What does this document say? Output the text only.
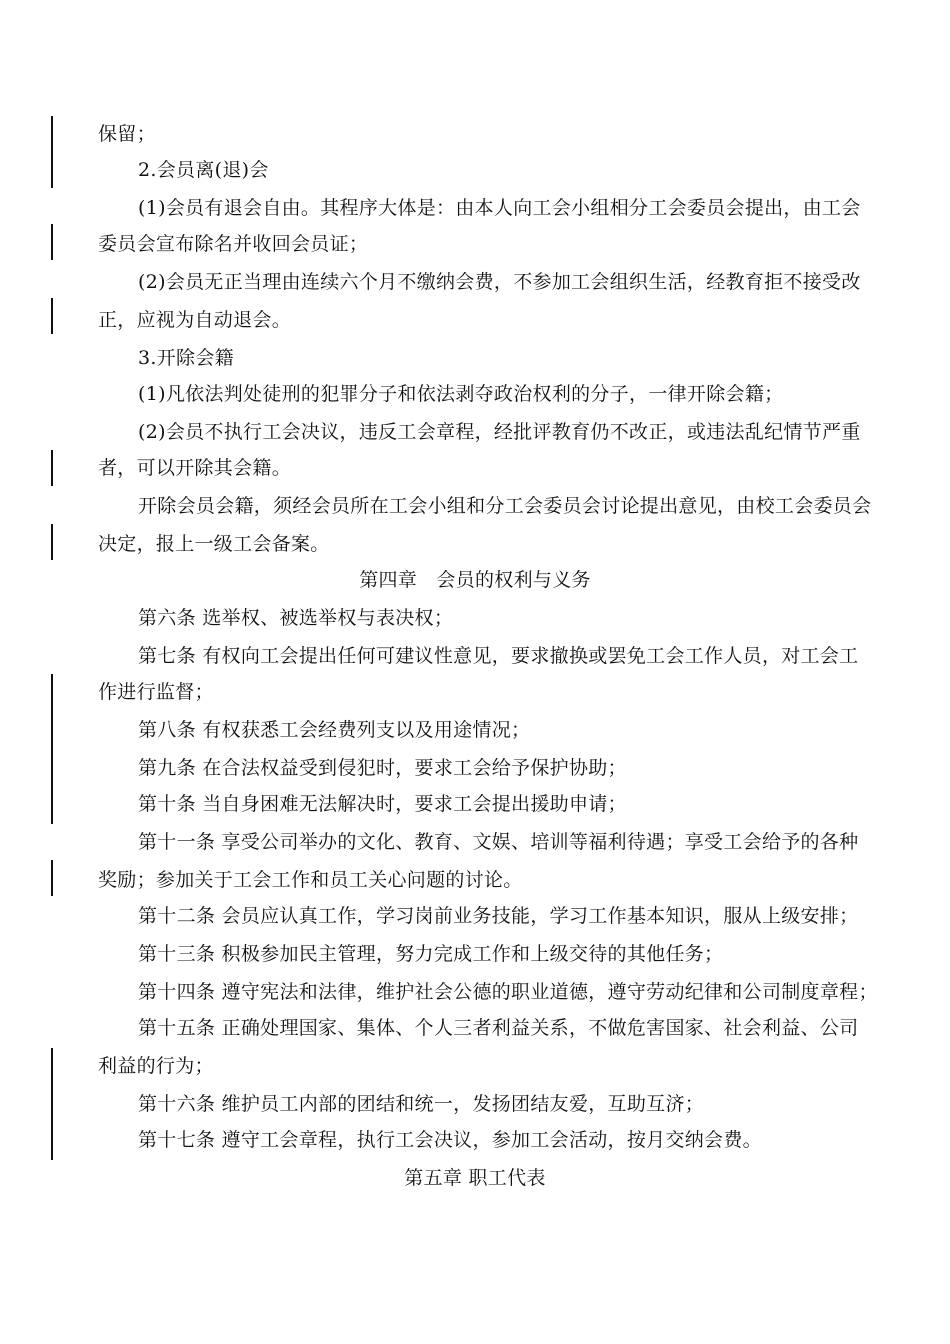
保留；
2.会员离(退)会
(1)会员有退会自由。其程序大体是：由本人向工会小组相分工会委员会提出，由工会
委员会宣布除名并收回会员证；
(2)会员无正当理由连续六个月不缴纳会费，不参加工会组织生活，经教育拒不接受改
正，应视为自动退会。
3.开除会籍
(1)凡依法判处徒刑的犯罪分子和依法剥夺政治权利的分子，一律开除会籍；
(2)会员不执行工会决议，违反工会章程，经批评教育仍不改正，或违法乱纪情节严重
者，可以开除其会籍。
开除会员会籍，须经会员所在工会小组和分工会委员会讨论提出意见，由校工会委员会
决定，报上一级工会备案。
第四章　会员的权利与义务
第六条 选举权、被选举权与表决权；
第七条 有权向工会提出任何可建议性意见，要求撤换或罢免工会工作人员，对工会工
作进行监督；
第八条 有权获悉工会经费列支以及用途情况；
第九条 在合法权益受到侵犯时，要求工会给予保护协助；
第十条 当自身困难无法解决时，要求工会提出援助申请；
第十一条 享受公司举办的文化、教育、文娱、培训等福利待遇；享受工会给予的各种
奖励；参加关于工会工作和员工关心问题的讨论。
第十二条 会员应认真工作，学习岗前业务技能，学习工作基本知识，服从上级安排；
第十三条 积极参加民主管理，努力完成工作和上级交待的其他任务；
第十四条 遵守宪法和法律，维护社会公德的职业道德，遵守劳动纪律和公司制度章程；
第十五条 正确处理国家、集体、个人三者利益关系，不做危害国家、社会利益、公司
利益的行为；
第十六条 维护员工内部的团结和统一，发扬团结友爱，互助互济；
第十七条 遵守工会章程，执行工会决议，参加工会活动，按月交纳会费。
第五章 职工代表
